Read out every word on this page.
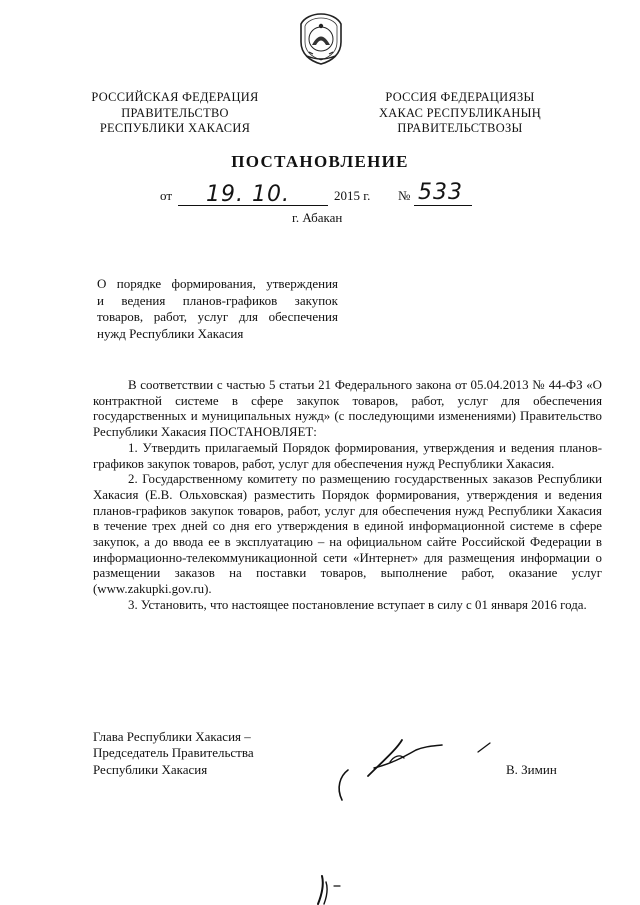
РОССИЙСКАЯ ФЕДЕРАЦИЯ
ПРАВИТЕЛЬСТВО
РЕСПУБЛИКИ ХАКАСИЯ
РОССИЯ ФЕДЕРАЦИЯЗЫ
ХАКАС РЕСПУБЛИКАНЫҢ
ПРАВИТЕЛЬСТВОЗЫ
ПОСТАНОВЛЕНИЕ
от 19. 10.	2015 г. № 533
г. Абакан
О порядке формирования, утверждения
и ведения планов-графиков закупок
товаров, работ, услуг для обеспечения
нужд Республики Хакасия

В соответствии с частью 5 статьи 21 Федерального закона от 05.04.2013 № 44-ФЗ «О контрактной системе в сфере закупок товаров, работ, услуг для обеспечения государственных и муниципальных нужд» (с последующими изменениями) Правительство Республики Хакасия ПОСТАНОВЛЯЕТ:

1. Утвердить прилагаемый Порядок формирования, утверждения и ведения планов-графиков закупок товаров, работ, услуг для обеспечения нужд Республики Хакасия.

2. Государственному комитету по размещению государственных заказов Республики Хакасия (Е.В. Ольховская) разместить Порядок формирования, утверждения и ведения планов-графиков закупок товаров, работ, услуг для обеспечения нужд Республики Хакасия в течение трех дней со дня его утверждения в единой информационной системе в сфере закупок, а до ввода ее в эксплуатацию – на официальном сайте Российской Федерации в информационно-телекоммуникационной сети «Интернет» для размещения информации о размещении заказов на поставки товаров, выполнение работ, оказание услуг (www.zakupki.gov.ru).

3. Установить, что настоящее постановление вступает в силу с 01 января 2016 года.

Глава Республики Хакасия –
Председатель Правительства
Республики Хакасия	В. Зимин
